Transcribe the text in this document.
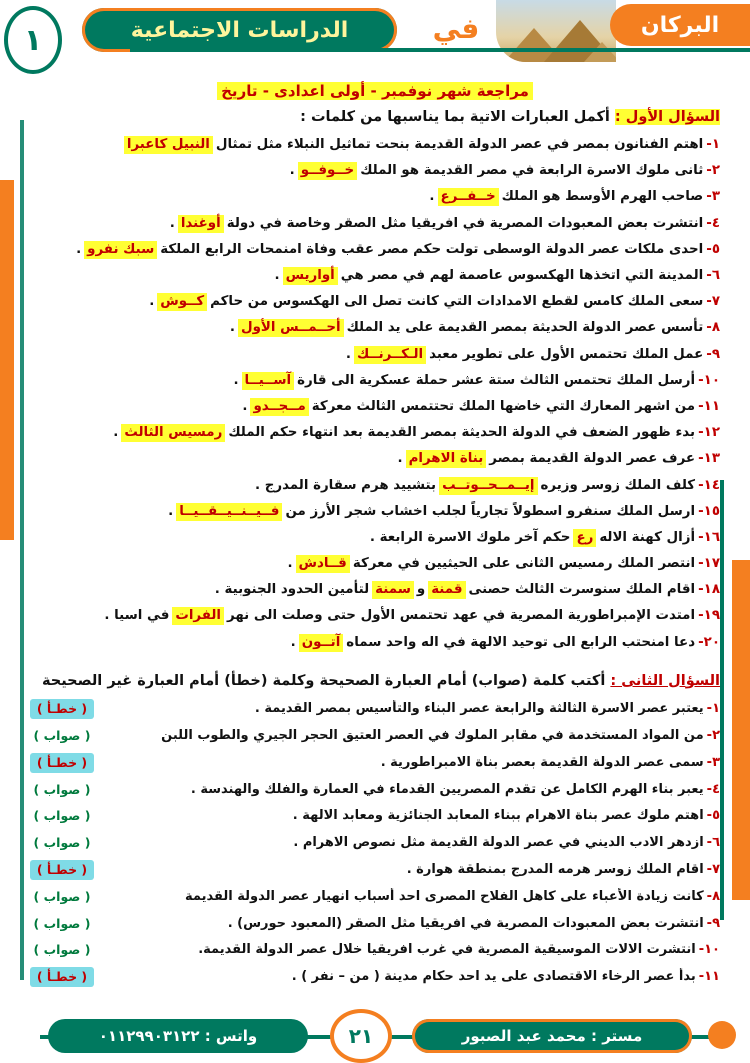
١	الدراسات الاجتماعية	في	البركان
مراجعة شهر نوفمبر - أولى اعدادى - تاريخ
السؤال الأول : أكمل العبارات الاتية بما يناسبها من كلمات :
١-
اهتم الفنانون بمصر في عصر الدولة القديمة بنحت تماثيل النبلاء مثل تمثال
النبيل كاعبرا
٢-
ثانى ملوك الاسرة الرابعة في مصر القديمة هو الملك
خــوفــو
.
٣-
صاحب الهرم الأوسط هو الملك
خــفــرع
.
٤-
انتشرت بعض المعبودات المصرية في افريقيا مثل الصقر وخاصة في دولة
أوغندا
.
٥-
احدى ملكات عصر الدولة الوسطى تولت حكم مصر عقب وفاة امنمحات الرابع الملكة
سبك نفرو
.
٦-
المدينة التي اتخذها الهكسوس عاصمة لهم في مصر هي
أواريس
.
٧-
سعى الملك كامس لقطع الامدادات التي كانت تصل الى الهكسوس من حاكم
كــوش
.
٨-
تأسس عصر الدولة الحديثة بمصر القديمة على يد الملك
أحــمــس الأول
.
٩-
عمل الملك تحتمس الأول على تطوير معبد
الـكــرنــك
.
١٠-
أرسل الملك تحتمس الثالث ستة عشر حملة عسكرية الى قارة
آســيــا
.
١١-
من اشهر المعارك التي خاضها الملك تحتتمس الثالث معركة
مــجــدو
.
١٢-
بدء ظهور الضعف في الدولة الحديثة بمصر القديمة بعد انتهاء حكم الملك
رمسيس الثالث
.
١٣-
عرف عصر الدولة القديمة بمصر
بناة الاهرام
.
١٤-
كلف الملك زوسر وزيره
إيــمــحــوتــب
بتشييد هرم سقارة المدرج .
١٥-
ارسل الملك سنفرو اسطولاً تجارياً لجلب اخشاب شجر الأرز من
فــيــنــيــقــيــا
.
١٦-
أزال كهنة الاله
رع
حكم آخر ملوك الاسرة الرابعة .
١٧-
انتصر الملك رمسيس الثانى على الحيثيين في معركة
قــادش
.
١٨-
اقام الملك سنوسرت الثالث حصنى
قمنة
و
سمنة
لتأمين الحدود الجنوبية .
١٩-
امتدت الإمبراطورية المصرية في عهد تحتمس الأول حتى وصلت الى نهر
الفرات
في اسيا .
٢٠-
دعا امنحتب الرابع الى توحيد الالهة في اله واحد سماه
آتــون
.
السؤال الثانى : أكتب كلمة (صواب) أمام العبارة الصحيحة وكلمة (خطأ) أمام العبارة غير الصحيحة
١-يعتبر عصر الاسرة الثالثة والرابعة عصر البناء والتأسيس بمصر القديمة .
( خطـأ )
٢-من المواد المستخدمة في مقابر الملوك في العصر العتيق الحجر الجيري والطوب اللبن
( صواب )
٣-سمى عصر الدولة القديمة بعصر بناة الامبراطورية .
( خطـأ )
٤-يعبر بناء الهرم الكامل عن تقدم المصريين القدماء في العمارة والفلك والهندسة .
( صواب )
٥-اهتم ملوك عصر بناة الاهرام ببناء المعابد الجنائزية ومعابد الالهة .
( صواب )
٦-ازدهر الادب الديني في عصر الدولة القديمة مثل نصوص الاهرام .
( صواب )
٧-اقام الملك زوسر هرمه المدرج بمنطقة هوارة .
( خطـأ )
٨-كانت زيادة الأعباء على كاهل الفلاح المصرى احد أسباب انهيار عصر الدولة القديمة
( صواب )
٩-انتشرت بعض المعبودات المصرية في افريقيا مثل الصقر (المعبود حورس) .
( صواب )
١٠-انتشرت الالات الموسيقية المصرية في غرب افريقيا خلال عصر الدولة القديمة.
( صواب )
١١-بدأ عصر الرخاء الاقتصادى على يد احد حكام مدينة ( من – نفر ) .
( خطـأ )
واتس : ٠١١٢٩٩٠٣١٢٢	٢١	مستر : محمد عبد الصبور
